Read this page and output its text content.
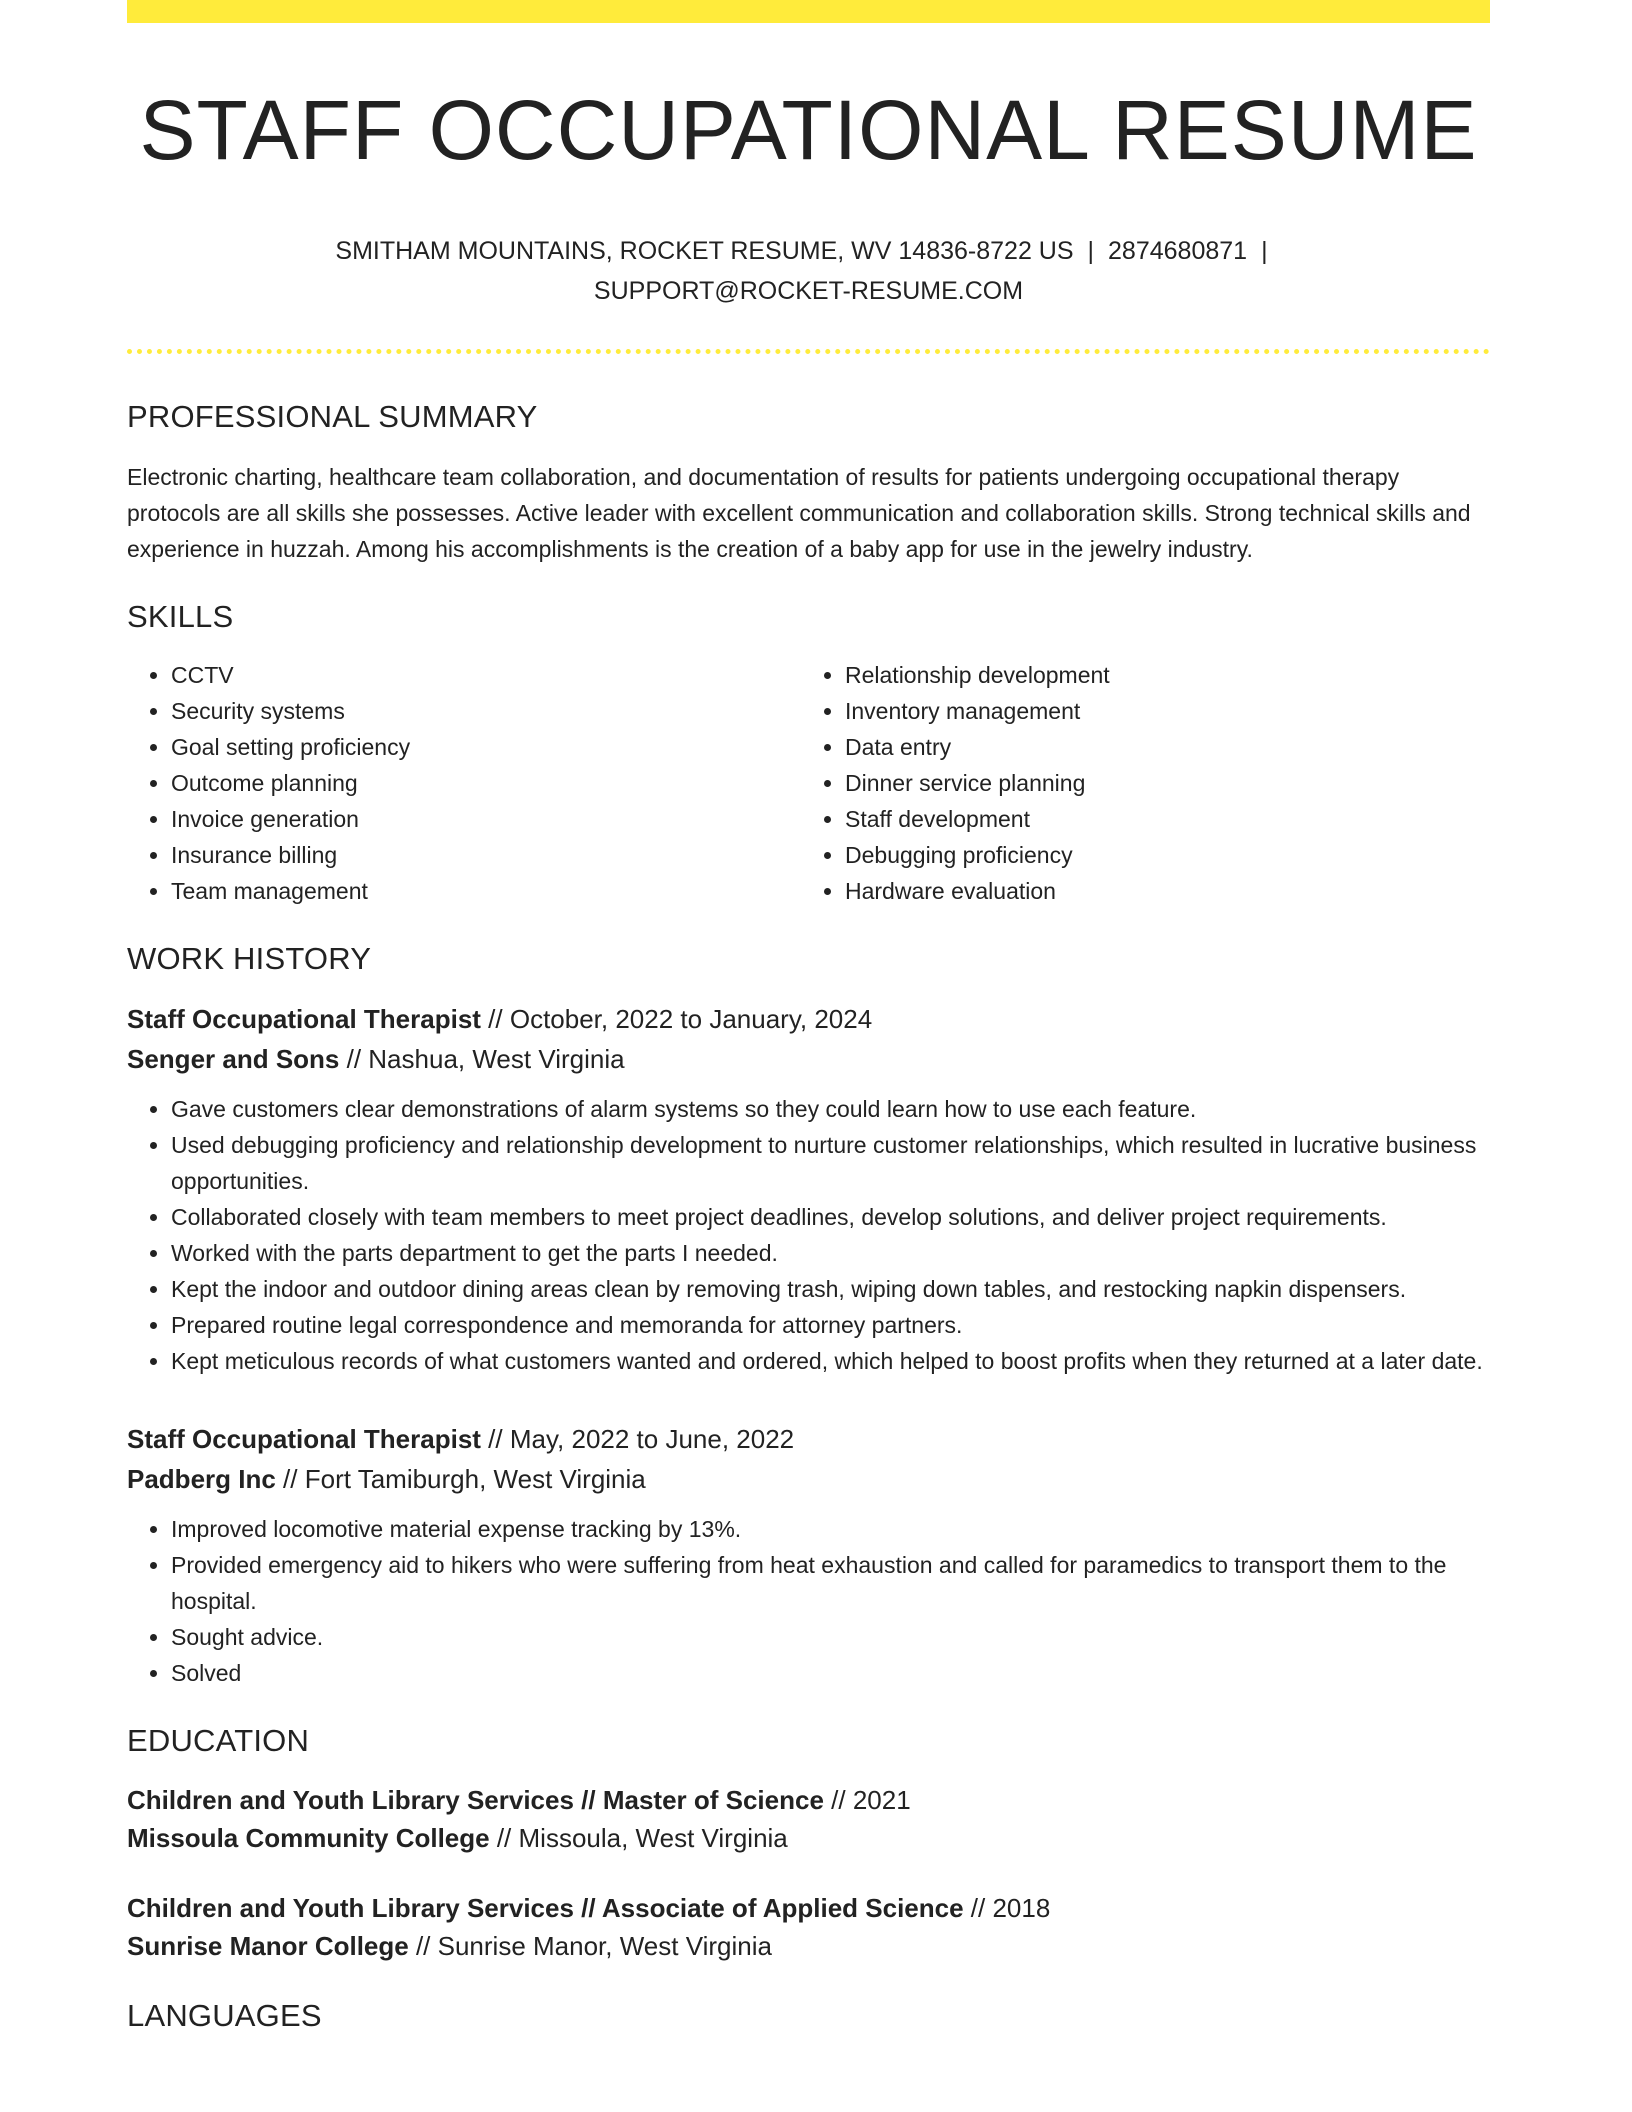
STAFF OCCUPATIONAL RESUME
SMITHAM MOUNTAINS, ROCKET RESUME, WV 14836-8722 US | 2874680871 |
SUPPORT@ROCKET-RESUME.COM
PROFESSIONAL SUMMARY
Electronic charting, healthcare team collaboration, and documentation of results for patients undergoing occupational therapy protocols are all skills she possesses. Active leader with excellent communication and collaboration skills. Strong technical skills and experience in huzzah. Among his accomplishments is the creation of a baby app for use in the jewelry industry.
SKILLS
• CCTV
• Security systems
• Goal setting proficiency
• Outcome planning
• Invoice generation
• Insurance billing
• Team management
• Relationship development
• Inventory management
• Data entry
• Dinner service planning
• Staff development
• Debugging proficiency
• Hardware evaluation
WORK HISTORY
Staff Occupational Therapist // October, 2022 to January, 2024
Senger and Sons // Nashua, West Virginia
• Gave customers clear demonstrations of alarm systems so they could learn how to use each feature.
• Used debugging proficiency and relationship development to nurture customer relationships, which resulted in lucrative business opportunities.
• Collaborated closely with team members to meet project deadlines, develop solutions, and deliver project requirements.
• Worked with the parts department to get the parts I needed.
• Kept the indoor and outdoor dining areas clean by removing trash, wiping down tables, and restocking napkin dispensers.
• Prepared routine legal correspondence and memoranda for attorney partners.
• Kept meticulous records of what customers wanted and ordered, which helped to boost profits when they returned at a later date.
Staff Occupational Therapist // May, 2022 to June, 2022
Padberg Inc // Fort Tamiburgh, West Virginia
• Improved locomotive material expense tracking by 13%.
• Provided emergency aid to hikers who were suffering from heat exhaustion and called for paramedics to transport them to the hospital.
• Sought advice.
• Solved
EDUCATION
Children and Youth Library Services // Master of Science // 2021
Missoula Community College // Missoula, West Virginia
Children and Youth Library Services // Associate of Applied Science // 2018
Sunrise Manor College // Sunrise Manor, West Virginia
LANGUAGES
